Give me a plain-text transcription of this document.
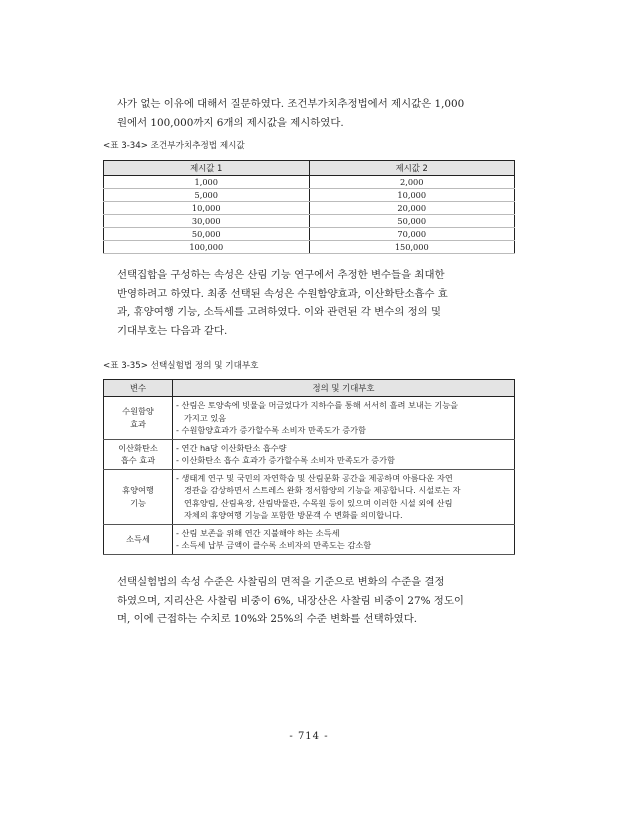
사가 없는 이유에 대해서 질문하였다. 조건부가치추정법에서 제시값은 1,000
원에서 100,000까지 6개의 제시값을 제시하였다.

<표 3-34> 조건부가치추정법 제시값

제시값 1	제시값 2
1,000	2,000
5,000	10,000
10,000	20,000
30,000	50,000
50,000	70,000
100,000	150,000

선택집합을 구성하는 속성은 산림 기능 연구에서 추정한 변수들을 최대한
반영하려고 하였다. 최종 선택된 속성은 수원함양효과, 이산화탄소흡수 효
과, 휴양여행 기능, 소득세를 고려하였다. 이와 관련된 각 변수의 정의 및
기대부호는 다음과 같다.

<표 3-35> 선택실험법 정의 및 기대부호

변수	정의 및 기대부호

수원함양
효과	- 산림은 토양속에 빗물을 머금었다가 지하수를 통해 서서히 흘려 보내는 기능을
가지고 있음
- 수원함양효과가 증가할수록 소비자 만족도가 증가함

이산화탄소
흡수 효과	- 연간 ha당 이산화탄소 흡수량
- 이산화탄소 흡수 효과가 증가할수록 소비자 만족도가 증가함

휴양여행
기능	- 생태계 연구 및 국민의 자연학습 및 산림문화 공간을 제공하며 아름다운 자연
경관을 감상하면서 스트레스 완화 정서함양의 기능을 제공합니다. 시설로는 자
연휴양림, 산림욕장, 산림박물관, 수목원 등이 있으며 이러한 시설 외에 산림
자체의 휴양여행 기능을 포함한 방문객 수 변화를 의미합니다.

소득세	- 산림 보존을 위해 연간 지불해야 하는 소득세
- 소득세 납부 금액이 클수록 소비자의 만족도는 감소함

선택실험법의 속성 수준은 사찰림의 면적을 기준으로 변화의 수준을 결정
하였으며, 지리산은 사찰림 비중이 6%, 내장산은 사찰림 비중이 27% 정도이
며, 이에 근접하는 수치로 10%와 25%의 수준 변화를 선택하였다.

- 714 -
